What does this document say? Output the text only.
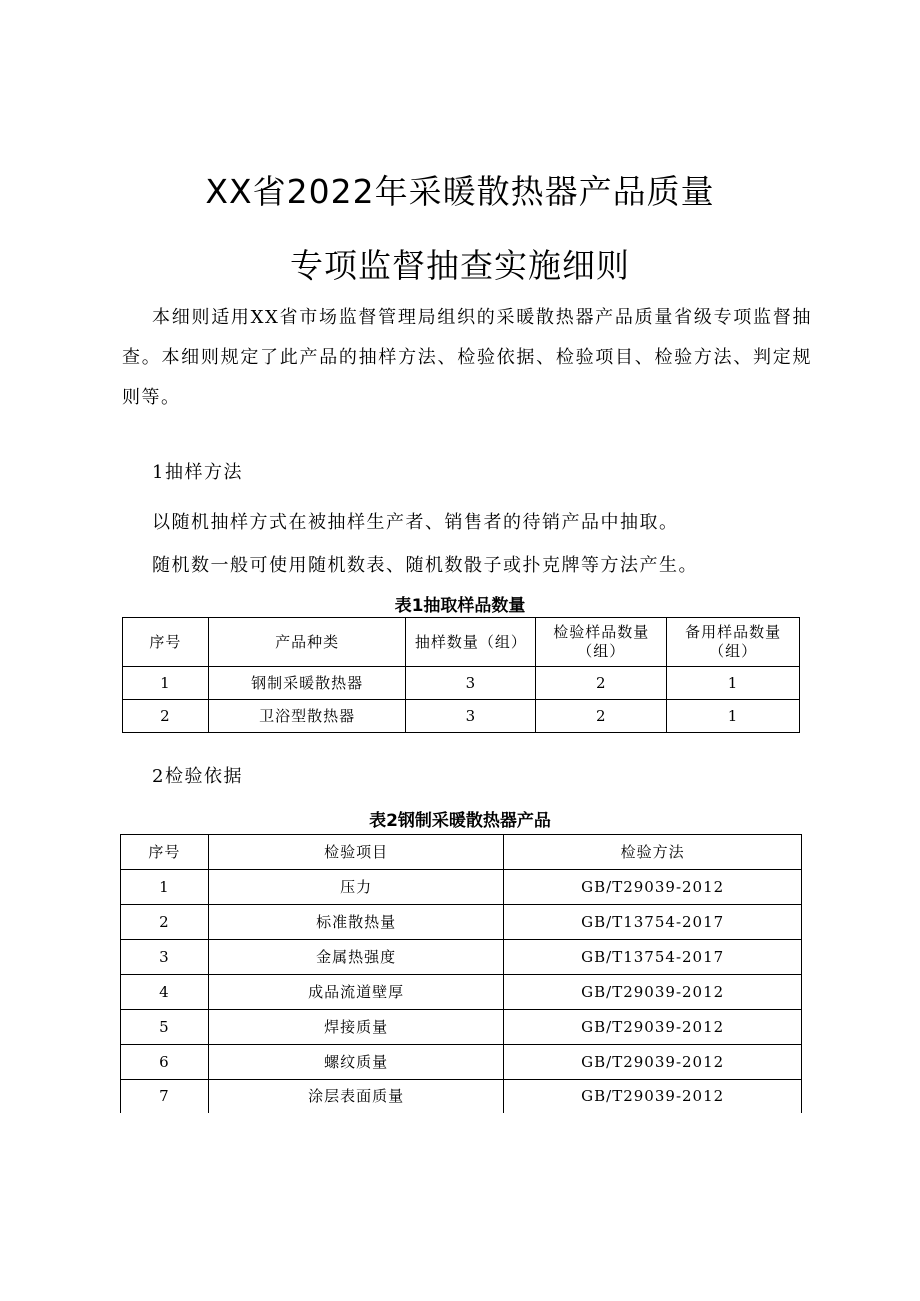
XX省2022年采暖散热器产品质量
专项监督抽查实施细则

本细则适用XX省市场监督管理局组织的采暖散热器产品质量省级专项监督抽查。本细则规定了此产品的抽样方法、检验依据、检验项目、检验方法、判定规则等。

1抽样方法

以随机抽样方式在被抽样生产者、销售者的待销产品中抽取。

随机数一般可使用随机数表、随机数骰子或扑克牌等方法产生。

表1抽取样品数量

序号	产品种类	抽样数量（组）	检验样品数量（组）	备用样品数量（组）
1	钢制采暖散热器	3	2	1
2	卫浴型散热器	3	2	1

2检验依据

表2钢制采暖散热器产品

序号	检验项目	检验方法
1	压力	GB/T29039-2012
2	标准散热量	GB/T13754-2017
3	金属热强度	GB/T13754-2017
4	成品流道壁厚	GB/T29039-2012
5	焊接质量	GB/T29039-2012
6	螺纹质量	GB/T29039-2012
7	涂层表面质量	GB/T29039-2012
